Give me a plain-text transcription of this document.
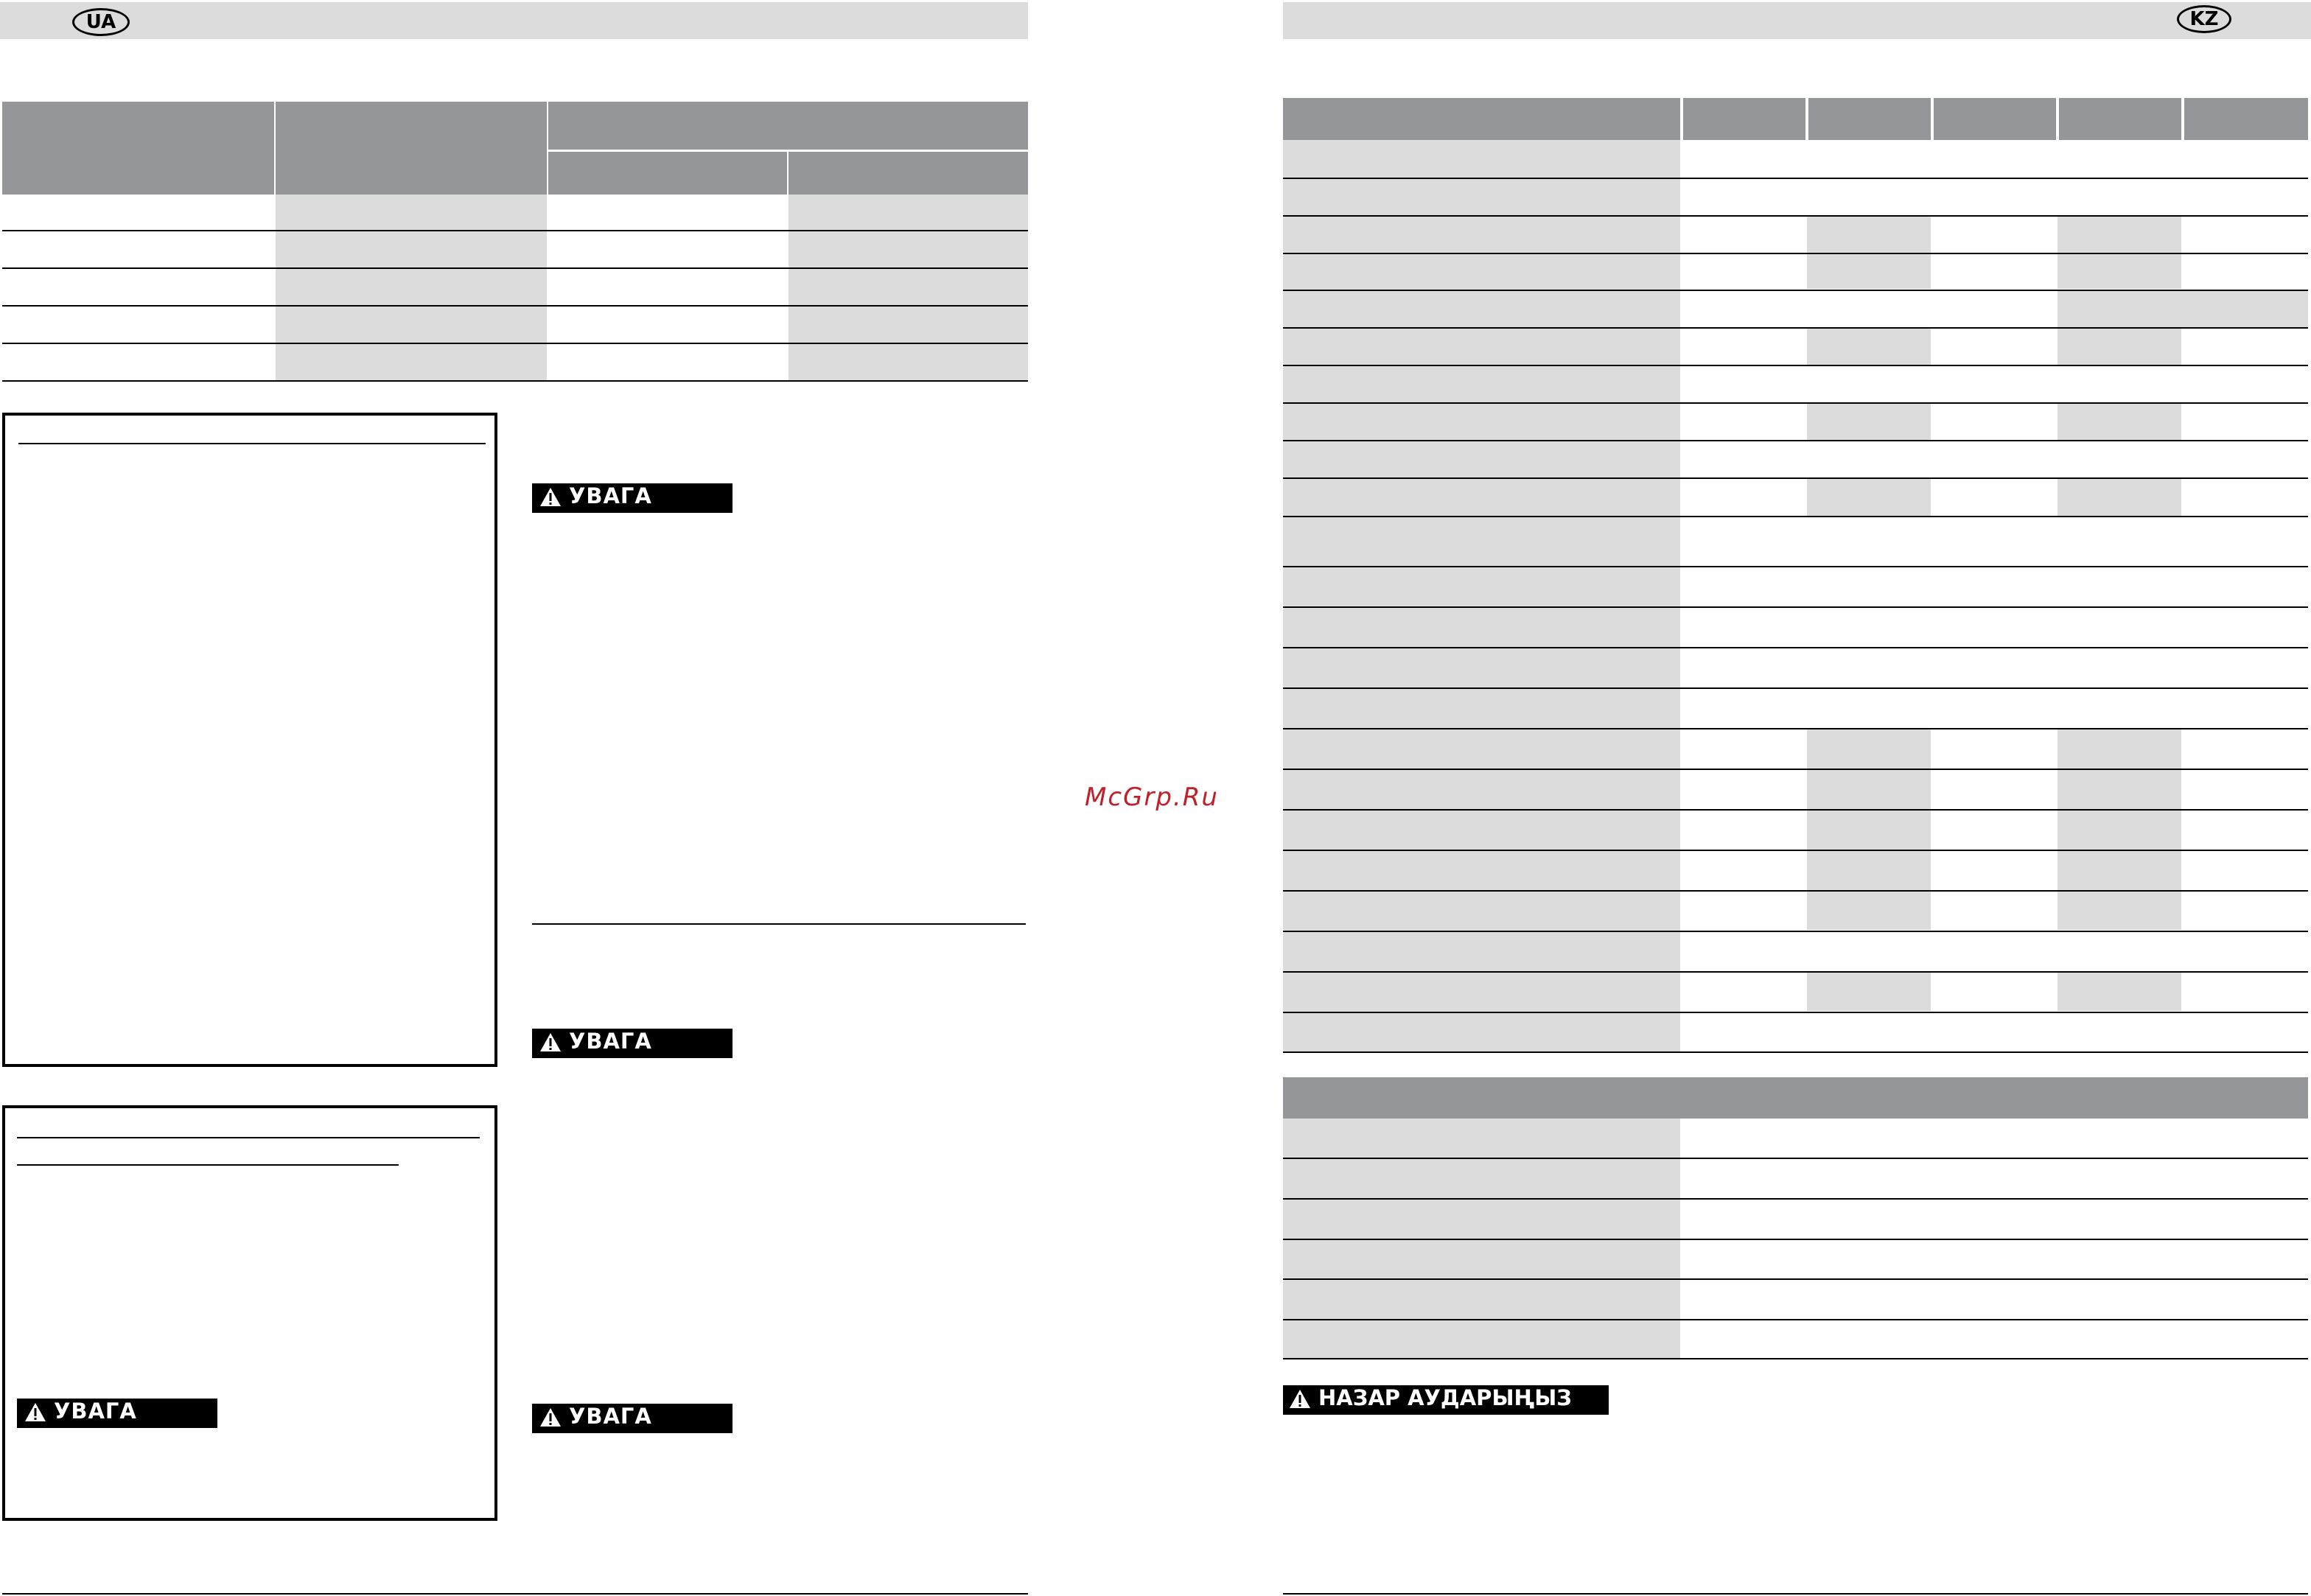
UA
УВАГА
УВАГА
УВАГА
УВАГА
McGrp.Ru
KZ
НАЗАР АУДАРЫҢЫЗ
